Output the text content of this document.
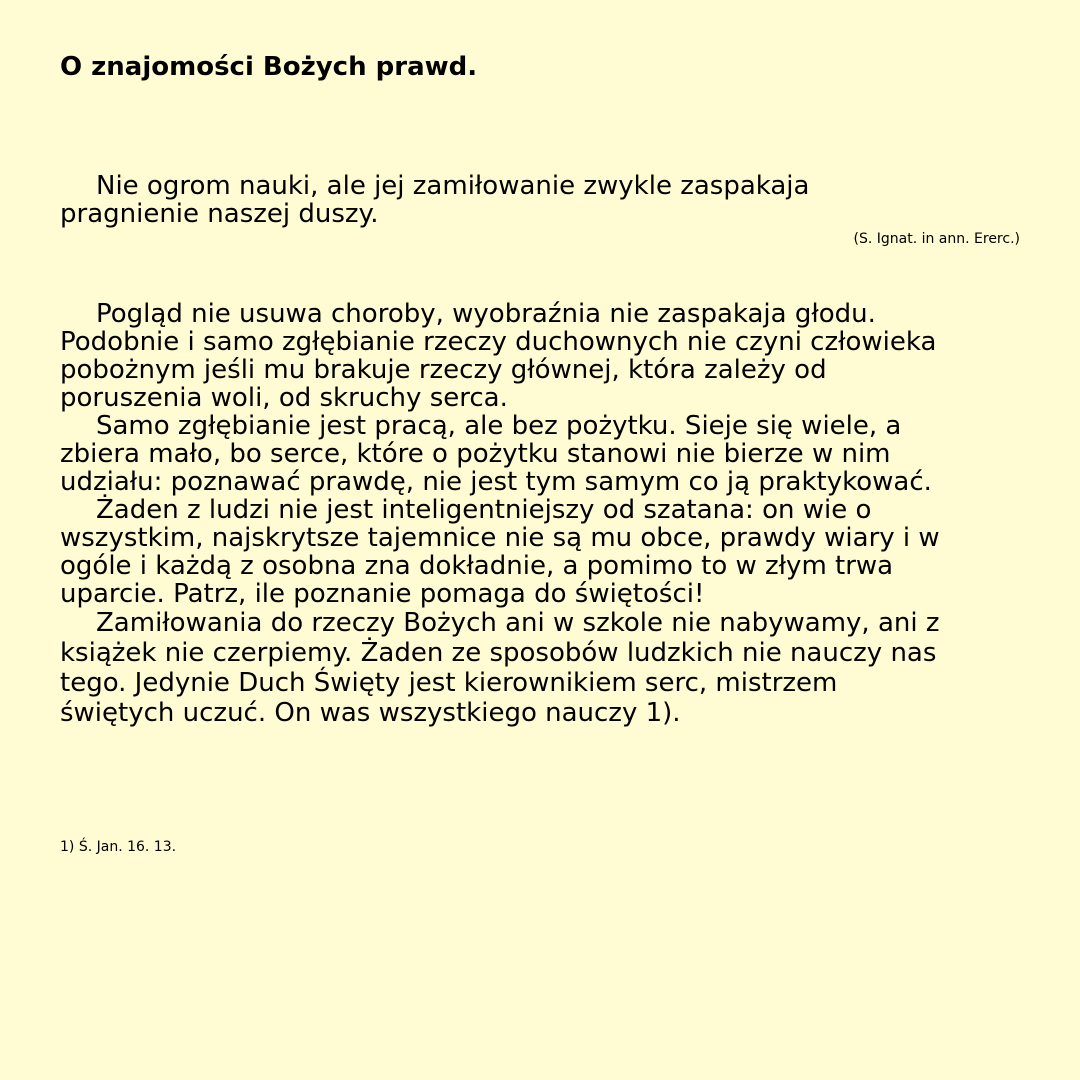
O znajomości Bożych prawd.

Nie ogrom nauki, ale jej zamiłowanie zwykle zaspakaja pragnienie naszej duszy.

(S. Ignat. in ann. Ererc.)

Pogląd nie usuwa choroby, wyobraźnia nie zaspakaja głodu. Podobnie i samo zgłębianie rzeczy duchownych nie czyni człowieka pobożnym jeśli mu brakuje rzeczy głównej, która zależy od poruszenia woli, od skruchy serca.

Samo zgłębianie jest pracą, ale bez pożytku. Sieje się wiele, a zbiera mało, bo serce, które o pożytku stanowi nie bierze w nim udziału: poznawać prawdę, nie jest tym samym co ją praktykować.

Żaden z ludzi nie jest inteligentniejszy od szatana: on wie o wszystkim, najskrytsze tajemnice nie są mu obce, prawdy wiary i w ogóle i każdą z osobna zna dokładnie, a pomimo to w złym trwa uparcie. Patrz, ile poznanie pomaga do świętości!

Zamiłowania do rzeczy Bożych ani w szkole nie nabywamy, ani z książek nie czerpiemy. Żaden ze sposobów ludzkich nie nauczy nas tego. Jedynie Duch Święty jest kierownikiem serc, mistrzem świętych uczuć. On was wszystkiego nauczy 1).

1) Ś. Jan. 16. 13.
